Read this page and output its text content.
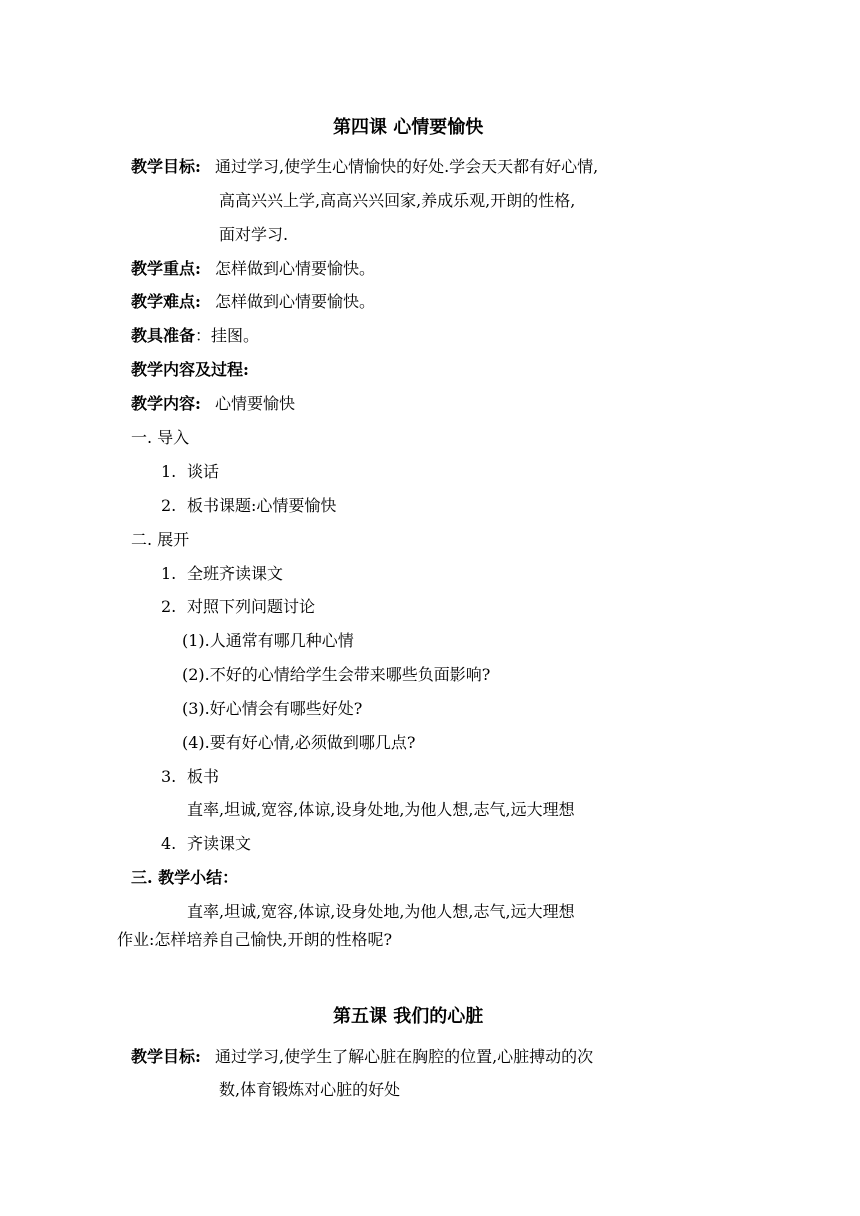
第四课 心情要愉快
教学目标: 通过学习,使学生心情愉快的好处.学会天天都有好心情,
高高兴兴上学,高高兴兴回家,养成乐观,开朗的性格,
面对学习.
教学重点: 怎样做到心情要愉快。
教学难点: 怎样做到心情要愉快。
教具准备 ：挂图。
教学内容及过程:
教学内容: 心情要愉快
一. 导入
1. 谈话
2. 板书课题:心情要愉快
二. 展开
1. 全班齐读课文
2. 对照下列问题讨论
(1).人通常有哪几种心情
(2).不好的心情给学生会带来哪些负面影响?
(3).好心情会有哪些好处?
(4).要有好心情,必须做到哪几点?
3. 板书
直率,坦诚,宽容,体谅,设身处地,为他人想,志气,远大理想
4. 齐读课文
三. 教学小结：
直率,坦诚,宽容,体谅,设身处地,为他人想,志气,远大理想
作业:怎样培养自己愉快,开朗的性格呢?
第五课 我们的心脏
教学目标: 通过学习,使学生了解心脏在胸腔的位置,心脏搏动的次
数,体育锻炼对心脏的好处
